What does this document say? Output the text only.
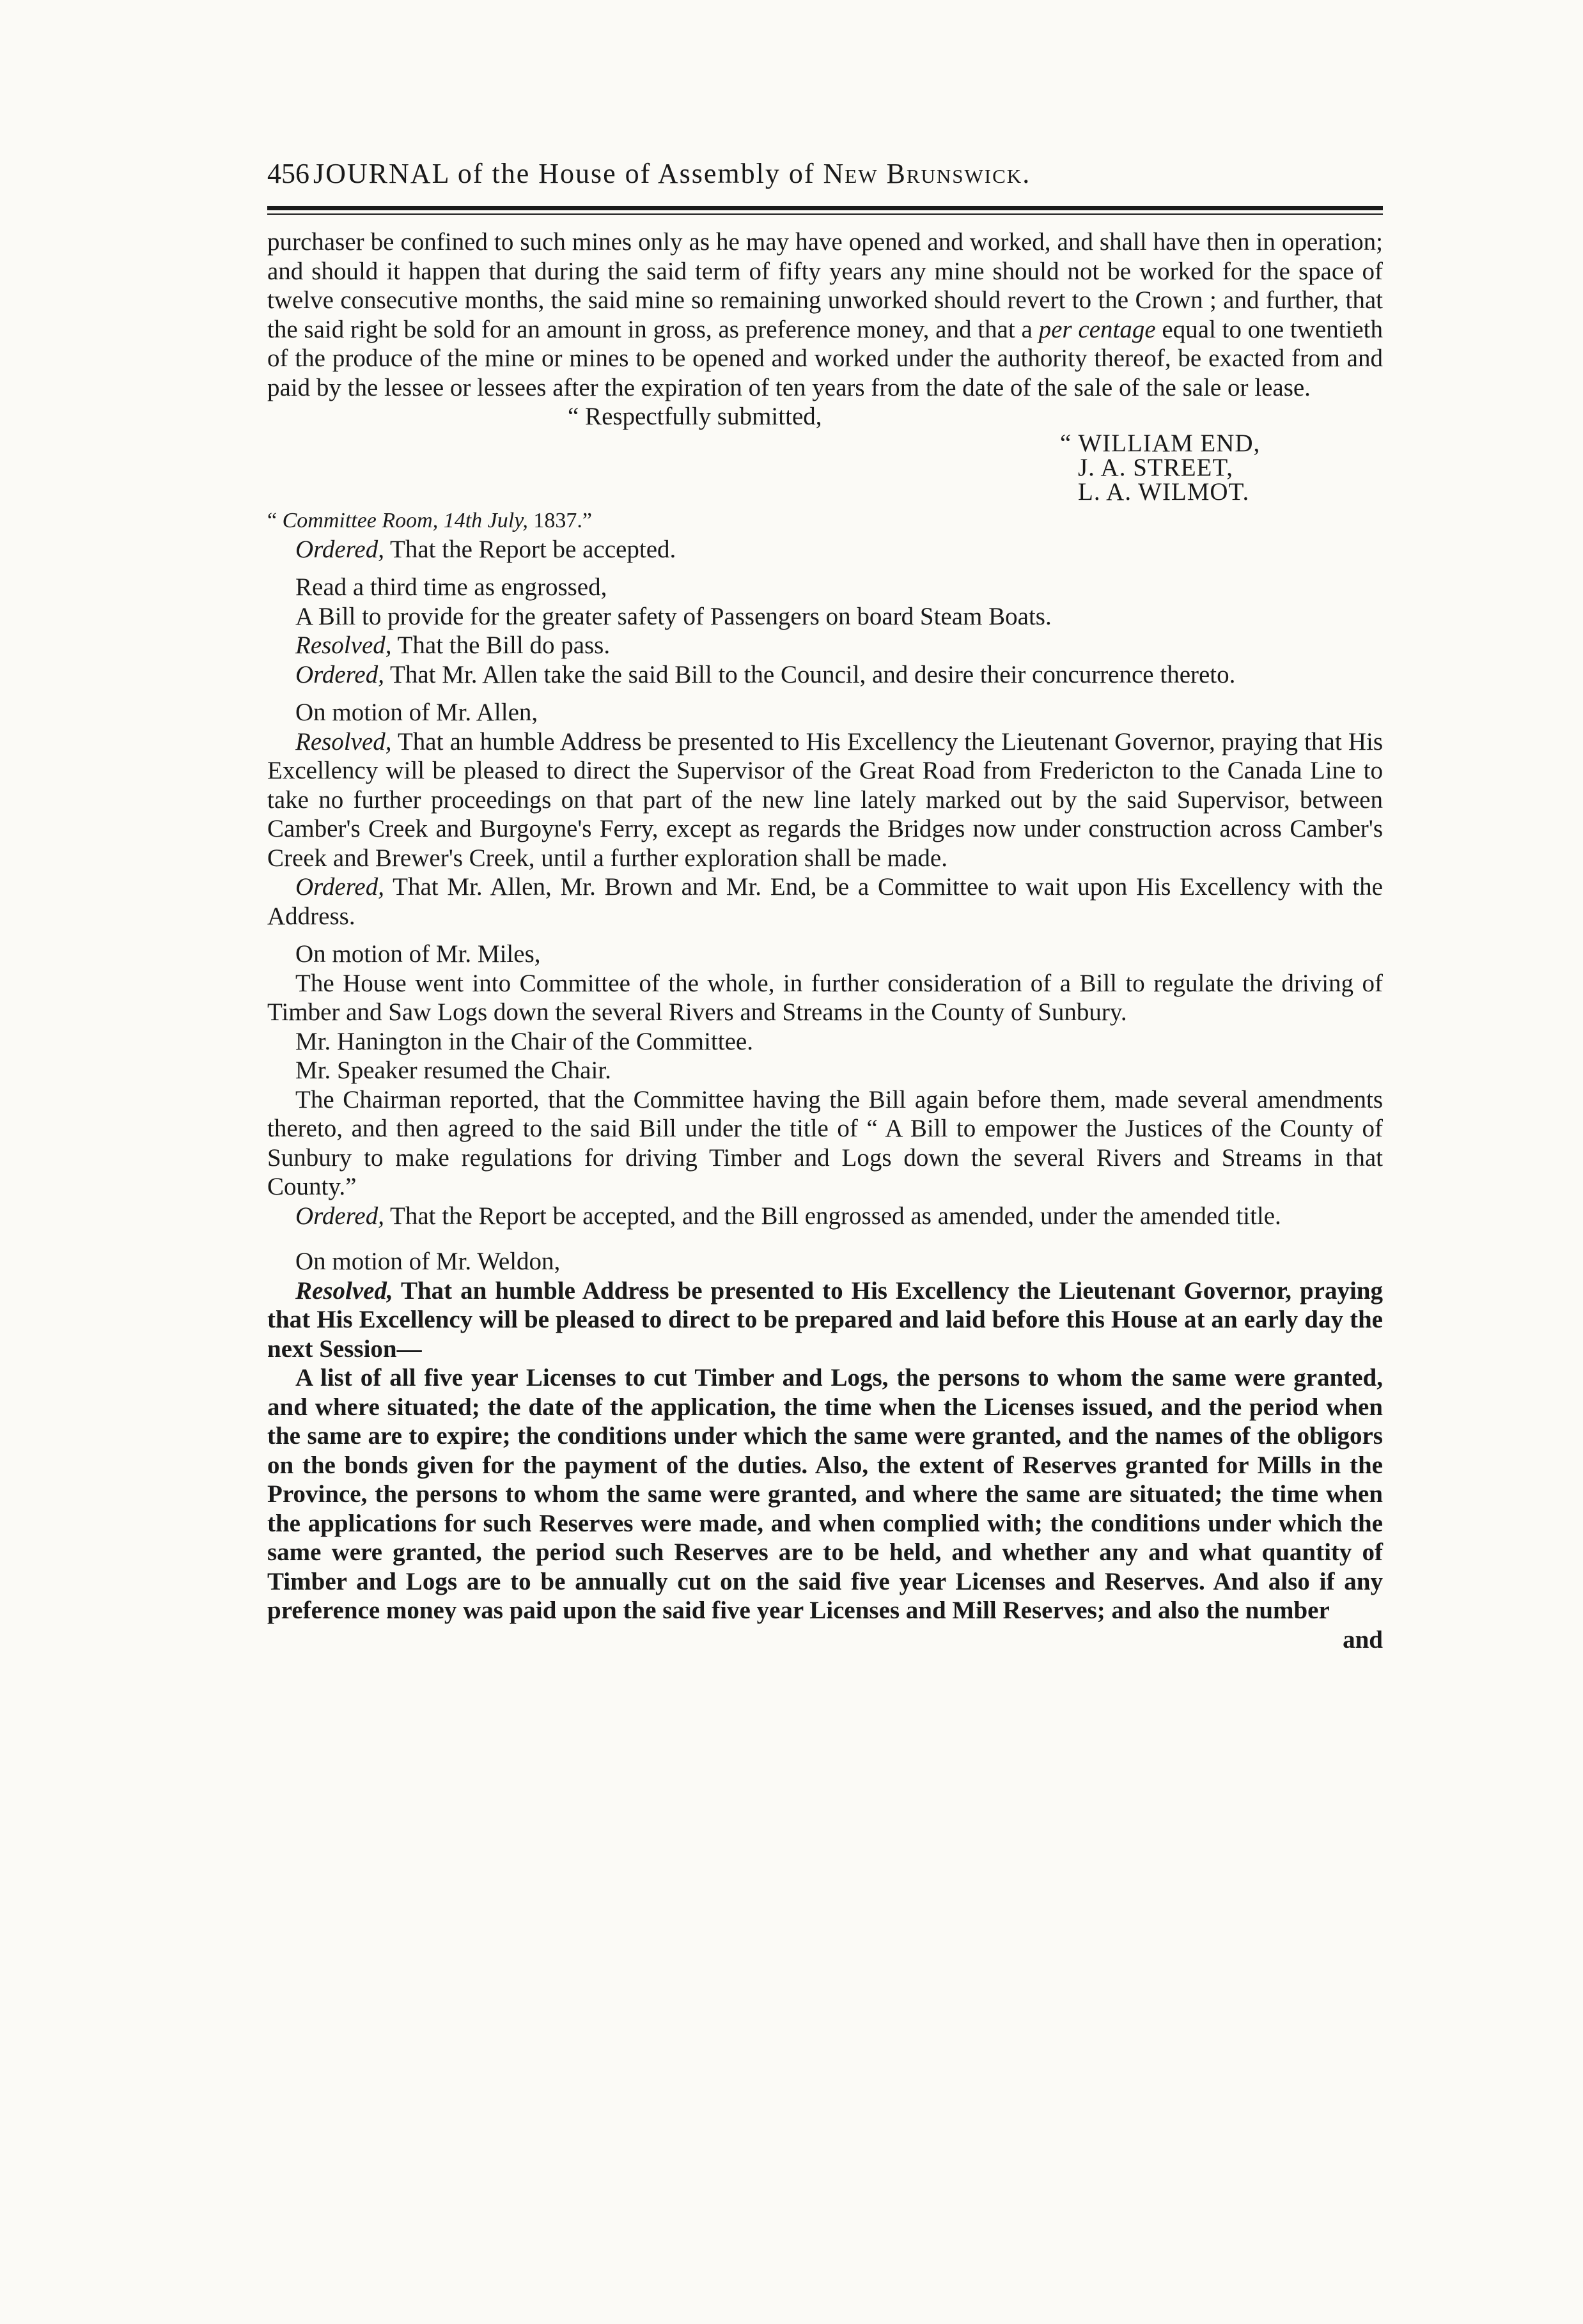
456 JOURNAL of the House of Assembly of New Brunswick.

purchaser be confined to such mines only as he may have opened and worked, and shall have then in operation; and should it happen that during the said term of fifty years any mine should not be worked for the space of twelve consecutive months, the said mine so remaining unworked should revert to the Crown ; and further, that the said right be sold for an amount in gross, as preference money, and that a per centage equal to one twentieth of the produce of the mine or mines to be opened and worked under the authority thereof, be exacted from and paid by the lessee or lessees after the expiration of ten years from the date of the sale of the sale or lease.

“ Respectfully submitted,
“ WILLIAM END,
J. A. STREET,
L. A. WILMOT.
“ Committee Room, 14th July, 1837.”

Ordered, That the Report be accepted.

Read a third time as engrossed,

A Bill to provide for the greater safety of Passengers on board Steam Boats.

Resolved, That the Bill do pass.

Ordered, That Mr. Allen take the said Bill to the Council, and desire their concurrence thereto.

On motion of Mr. Allen,

Resolved, That an humble Address be presented to His Excellency the Lieutenant Governor, praying that His Excellency will be pleased to direct the Supervisor of the Great Road from Fredericton to the Canada Line to take no further proceedings on that part of the new line lately marked out by the said Supervisor, between Camber's Creek and Burgoyne's Ferry, except as regards the Bridges now under construction across Camber's Creek and Brewer's Creek, until a further exploration shall be made.

Ordered, That Mr. Allen, Mr. Brown and Mr. End, be a Committee to wait upon His Excellency with the Address.

On motion of Mr. Miles,

The House went into Committee of the whole, in further consideration of a Bill to regulate the driving of Timber and Saw Logs down the several Rivers and Streams in the County of Sunbury.

Mr. Hanington in the Chair of the Committee.

Mr. Speaker resumed the Chair.

The Chairman reported, that the Committee having the Bill again before them, made several amendments thereto, and then agreed to the said Bill under the title of “ A Bill to empower the Justices of the County of Sunbury to make regulations for driving Timber and Logs down the several Rivers and Streams in that County.”

Ordered, That the Report be accepted, and the Bill engrossed as amended, under the amended title.

On motion of Mr. Weldon,

Resolved, That an humble Address be presented to His Excellency the Lieutenant Governor, praying that His Excellency will be pleased to direct to be prepared and laid before this House at an early day the next Session—

A list of all five year Licenses to cut Timber and Logs, the persons to whom the same were granted, and where situated; the date of the application, the time when the Licenses issued, and the period when the same are to expire; the conditions under which the same were granted, and the names of the obligors on the bonds given for the payment of the duties. Also, the extent of Reserves granted for Mills in the Province, the persons to whom the same were granted, and where the same are situated; the time when the applications for such Reserves were made, and when complied with; the conditions under which the same were granted, the period such Reserves are to be held, and whether any and what quantity of Timber and Logs are to be annually cut on the said five year Licenses and Reserves. And also if any preference money was paid upon the said five year Licenses and Mill Reserves; and also the number

and
